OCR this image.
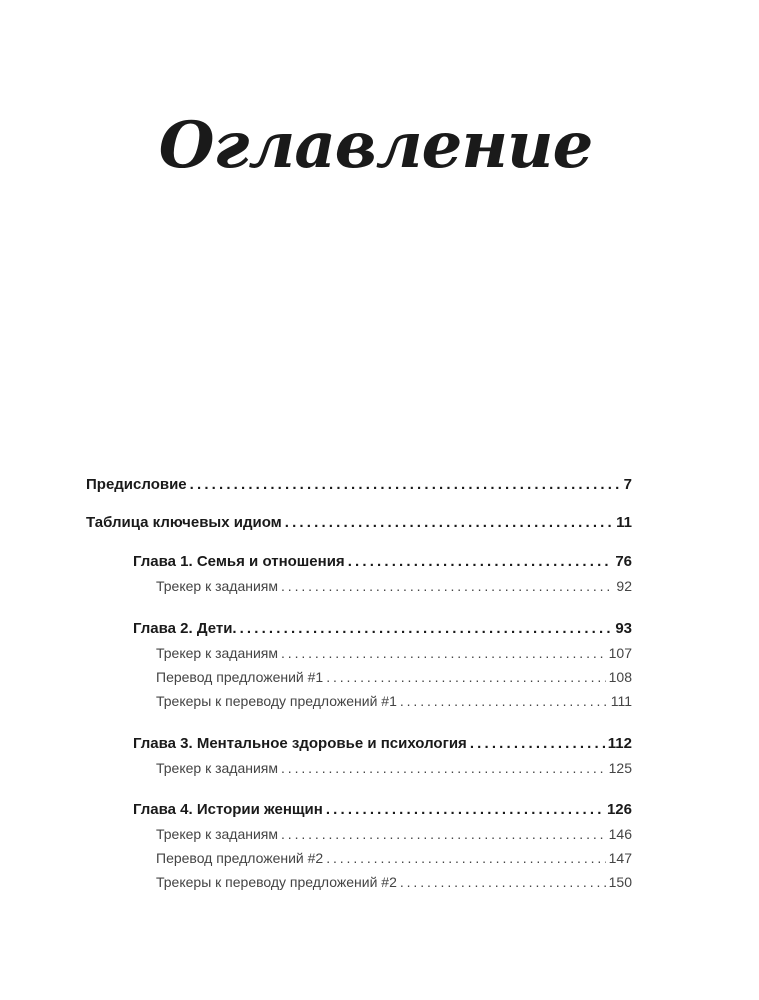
Оглавление
Предисловие . . .	7
Таблица ключевых идиом . . .	11
Глава 1. Семья и отношения . . .	76
Трекер к заданиям . . .	92
Глава 2. Дети. . . .	93
Трекер к заданиям . . .	107
Перевод предложений #1 . . .	108
Трекеры к переводу предложений #1 . . .	111
Глава 3. Ментальное здоровье и психология . . .	112
Трекер к заданиям . . .	125
Глава 4. Истории женщин . . .	126
Трекер к заданиям . . .	146
Перевод предложений #2 . . .	147
Трекеры к переводу предложений #2 . . .	150
